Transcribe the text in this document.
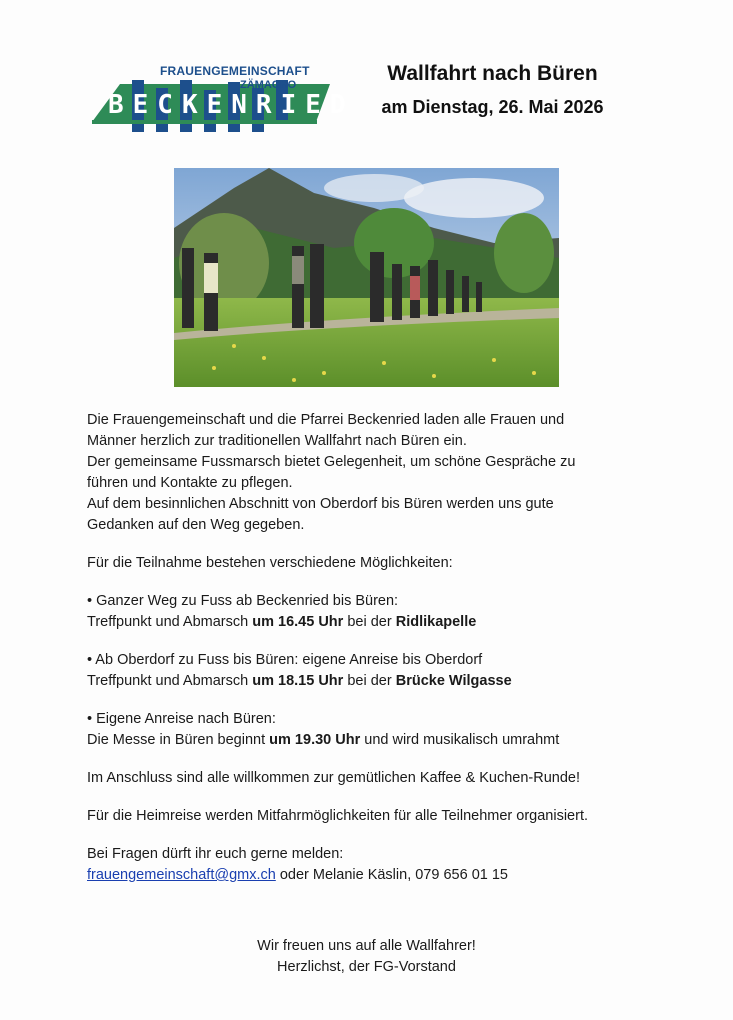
FRAUENGEMEINSCHAFT
ZÄMACHO
BECKENRIED
Wallfahrt nach Büren
am Dienstag, 26. Mai 2026

Die Frauengemeinschaft und die Pfarrei Beckenried laden alle Frauen und

Männer herzlich zur traditionellen Wallfahrt nach Büren ein.

Der gemeinsame Fussmarsch bietet Gelegenheit, um schöne Gespräche zu

führen und Kontakte zu pflegen.

Auf dem besinnlichen Abschnitt von Oberdorf bis Büren werden uns gute

Gedanken auf den Weg gegeben.

Für die Teilnahme bestehen verschiedene Möglichkeiten:

• Ganzer Weg zu Fuss ab Beckenried bis Büren:

Treffpunkt und Abmarsch um 16.45 Uhr bei der Ridlikapelle

• Ab Oberdorf zu Fuss bis Büren: eigene Anreise bis Oberdorf

Treffpunkt und Abmarsch um 18.15 Uhr bei der Brücke Wilgasse

• Eigene Anreise nach Büren:

Die Messe in Büren beginnt um 19.30 Uhr und wird musikalisch umrahmt

Im Anschluss sind alle willkommen zur gemütlichen Kaffee & Kuchen-Runde!

Für die Heimreise werden Mitfahrmöglichkeiten für alle Teilnehmer organisiert.

Bei Fragen dürft ihr euch gerne melden:

frauengemeinschaft@gmx.ch oder Melanie Käslin, 079 656 01 15

Wir freuen uns auf alle Wallfahrer!
Herzlichst, der FG-Vorstand
